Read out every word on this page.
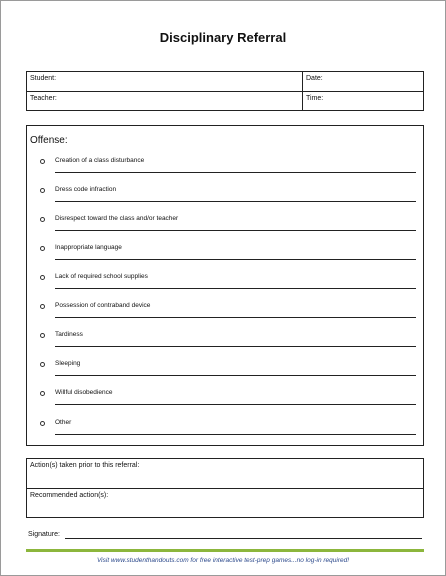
Disciplinary Referral
Student:	Date:
Teacher:	Time:
Offense:
Creation of a class disturbance
Dress code infraction
Disrespect toward the class and/or teacher
Inappropriate language
Lack of required school supplies
Possession of contraband device
Tardiness
Sleeping
Willful disobedience
Other
Action(s) taken prior to this referral:
Recommended action(s):
Signature:
Visit www.studenthandouts.com for free interactive test-prep games...no log-in required!
